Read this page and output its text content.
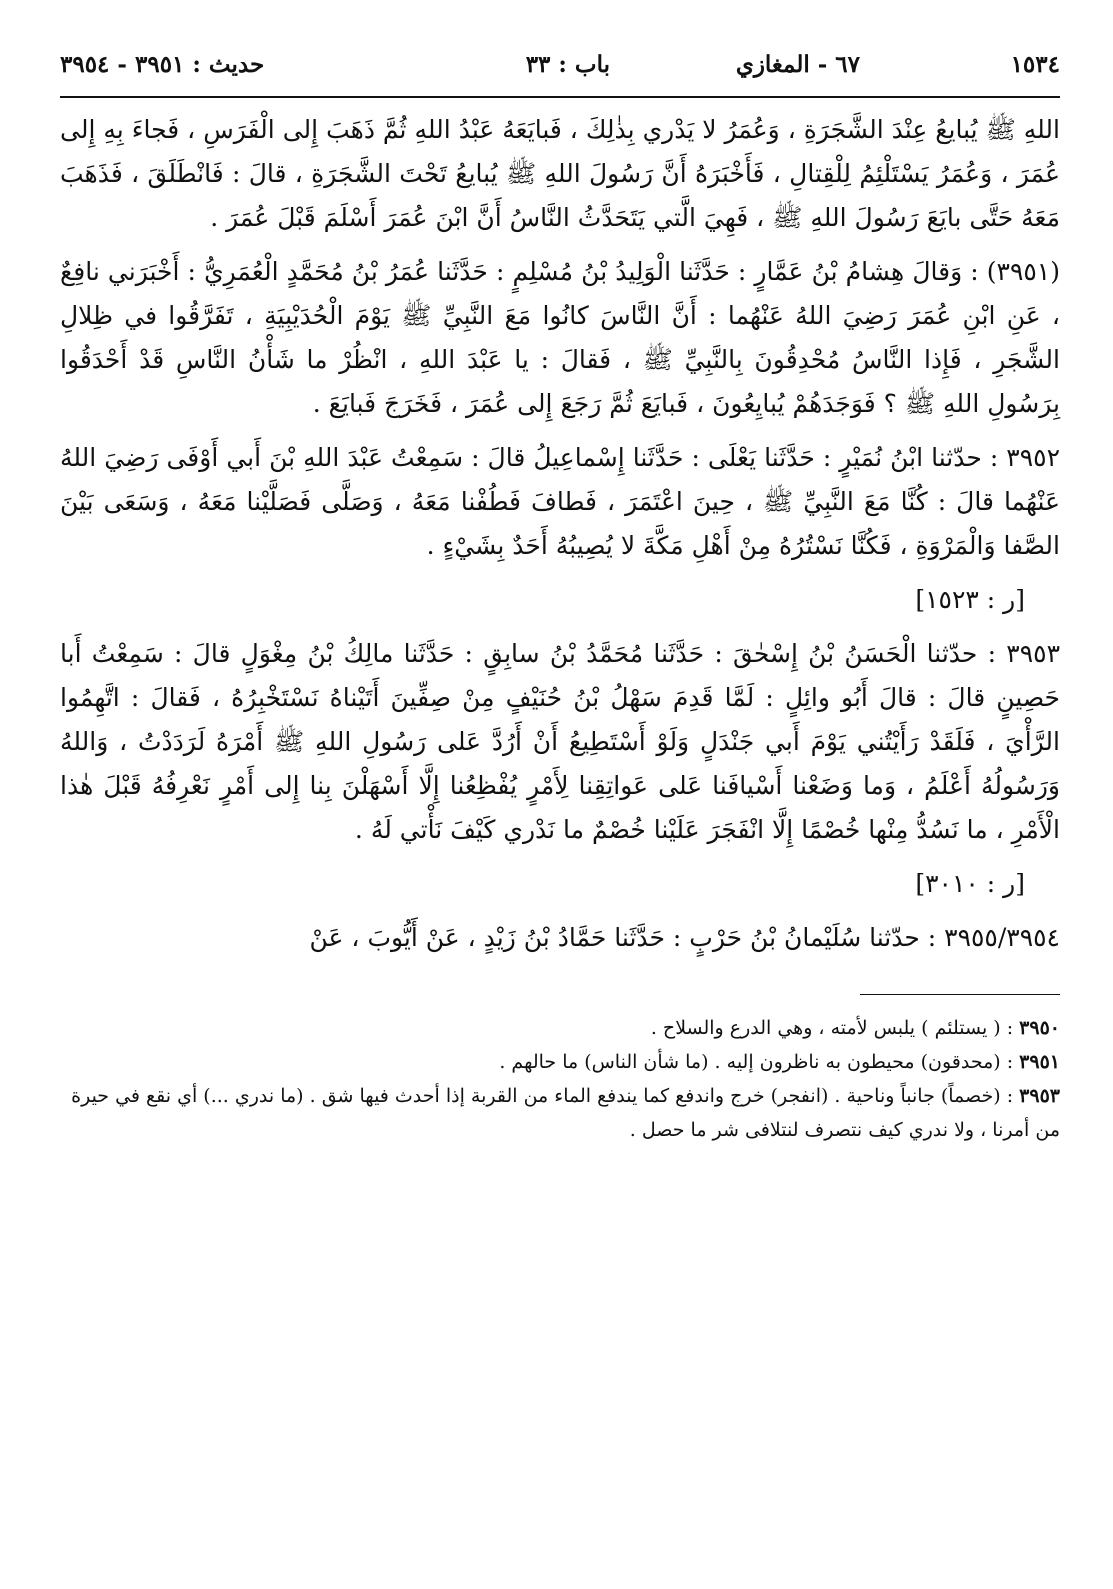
١٥٣٤
٦٧ - المغازي
باب : ٣٣
حديث : ٣٩٥١ - ٣٩٥٤

اللهِ ﷺ يُبايعُ عِنْدَ الشَّجَرَةِ ، وَعُمَرُ لا يَدْري بِذٰلِكَ ، فَبايَعَهُ عَبْدُ اللهِ ثُمَّ ذَهَبَ إِلى الْفَرَسِ ، فَجاءَ بِهِ إِلى عُمَرَ ، وَعُمَرُ يَسْتَلْئِمُ لِلْقِتالِ ، فَأَخْبَرَهُ أَنَّ رَسُولَ اللهِ ﷺ يُبايعُ تَحْتَ الشَّجَرَةِ ، قالَ : فَانْطَلَقَ ، فَذَهَبَ مَعَهُ حَتَّى بايَعَ رَسُولَ اللهِ ﷺ ، فَهِيَ الَّتي يَتَحَدَّثُ النَّاسُ أَنَّ ابْنَ عُمَرَ أَسْلَمَ قَبْلَ عُمَرَ .

(٣٩٥١) : وَقالَ هِشامُ بْنُ عَمَّارٍ : حَدَّثَنا الْوَلِيدُ بْنُ مُسْلِمٍ : حَدَّثَنا عُمَرُ بْنُ مُحَمَّدٍ الْعُمَرِيُّ : أَخْبَرَني نافِعٌ ، عَنِ ابْنِ عُمَرَ رَضِيَ اللهُ عَنْهُما : أَنَّ النَّاسَ كانُوا مَعَ النَّبِيِّ ﷺ يَوْمَ الْحُدَيْبِيَةِ ، تَفَرَّقُوا في ظِلالِ الشَّجَرِ ، فَإِذا النَّاسُ مُحْدِقُونَ بِالنَّبِيِّ ﷺ ، فَقالَ : يا عَبْدَ اللهِ ، انْظُرْ ما شَأْنُ النَّاسِ قَدْ أَحْدَقُوا بِرَسُولِ اللهِ ﷺ ؟ فَوَجَدَهُمْ يُبايِعُونَ ، فَبايَعَ ثُمَّ رَجَعَ إِلى عُمَرَ ، فَخَرَجَ فَبايَعَ .

٣٩٥٢ : حدّثنا ابْنُ نُمَيْرٍ : حَدَّثَنا يَعْلَى : حَدَّثَنا إِسْماعِيلُ قالَ : سَمِعْتُ عَبْدَ اللهِ بْنَ أَبي أَوْفَى رَضِيَ اللهُ عَنْهُما قالَ : كُنَّا مَعَ النَّبِيِّ ﷺ ، حِينَ اعْتَمَرَ ، فَطافَ فَطُفْنا مَعَهُ ، وَصَلَّى فَصَلَّيْنا مَعَهُ ، وَسَعَى بَيْنَ الصَّفا وَالْمَرْوَةِ ، فَكُنَّا نَسْتُرُهُ مِنْ أَهْلِ مَكَّةَ لا يُصِيبُهُ أَحَدٌ بِشَيْءٍ .

[ر : ١٥٢٣]

٣٩٥٣ : حدّثنا الْحَسَنُ بْنُ إِسْحٰقَ : حَدَّثَنا مُحَمَّدُ بْنُ سابِقٍ : حَدَّثَنا مالِكُ بْنُ مِغْوَلٍ قالَ : سَمِعْتُ أَبا حَصِينٍ قالَ : قالَ أَبُو وائِلٍ : لَمَّا قَدِمَ سَهْلُ بْنُ حُنَيْفٍ مِنْ صِفِّينَ أَتَيْناهُ نَسْتَخْبِرُهُ ، فَقالَ : اتَّهِمُوا الرَّأْيَ ، فَلَقَدْ رَأَيْتُني يَوْمَ أَبي جَنْدَلٍ وَلَوْ أَسْتَطِيعُ أَنْ أَرُدَّ عَلى رَسُولِ اللهِ ﷺ أَمْرَهُ لَرَدَدْتُ ، وَاللهُ وَرَسُولُهُ أَعْلَمُ ، وَما وَضَعْنا أَسْيافَنا عَلى عَواتِقِنا لِأَمْرٍ يُفْظِعُنا إِلَّا أَسْهَلْنَ بِنا إِلى أَمْرٍ نَعْرِفُهُ قَبْلَ هٰذا الْأَمْرِ ، ما نَسُدُّ مِنْها خُصْمًا إِلَّا انْفَجَرَ عَلَيْنا خُصْمٌ ما نَدْري كَيْفَ نَأْتي لَهُ .

[ر : ٣٠١٠]

٣٩٥٥/٣٩٥٤ : حدّثنا سُلَيْمانُ بْنُ حَرْبٍ : حَدَّثَنا حَمَّادُ بْنُ زَيْدٍ ، عَنْ أَيُّوبَ ، عَنْ

٣٩٥٠ : ( يستلئم ) يلبس لأمته ، وهي الدرع والسلاح .

٣٩٥١ : (محدقون) محيطون به ناظرون إليه . (ما شأن الناس) ما حالهم .

٣٩٥٣ : (خصماً) جانباً وناحية . (انفجر) خرج واندفع كما يندفع الماء من القربة إذا أحدث فيها شق . (ما ندري ...) أي نقع في حيرة من أمرنا ، ولا ندري كيف نتصرف لنتلافى شر ما حصل .
